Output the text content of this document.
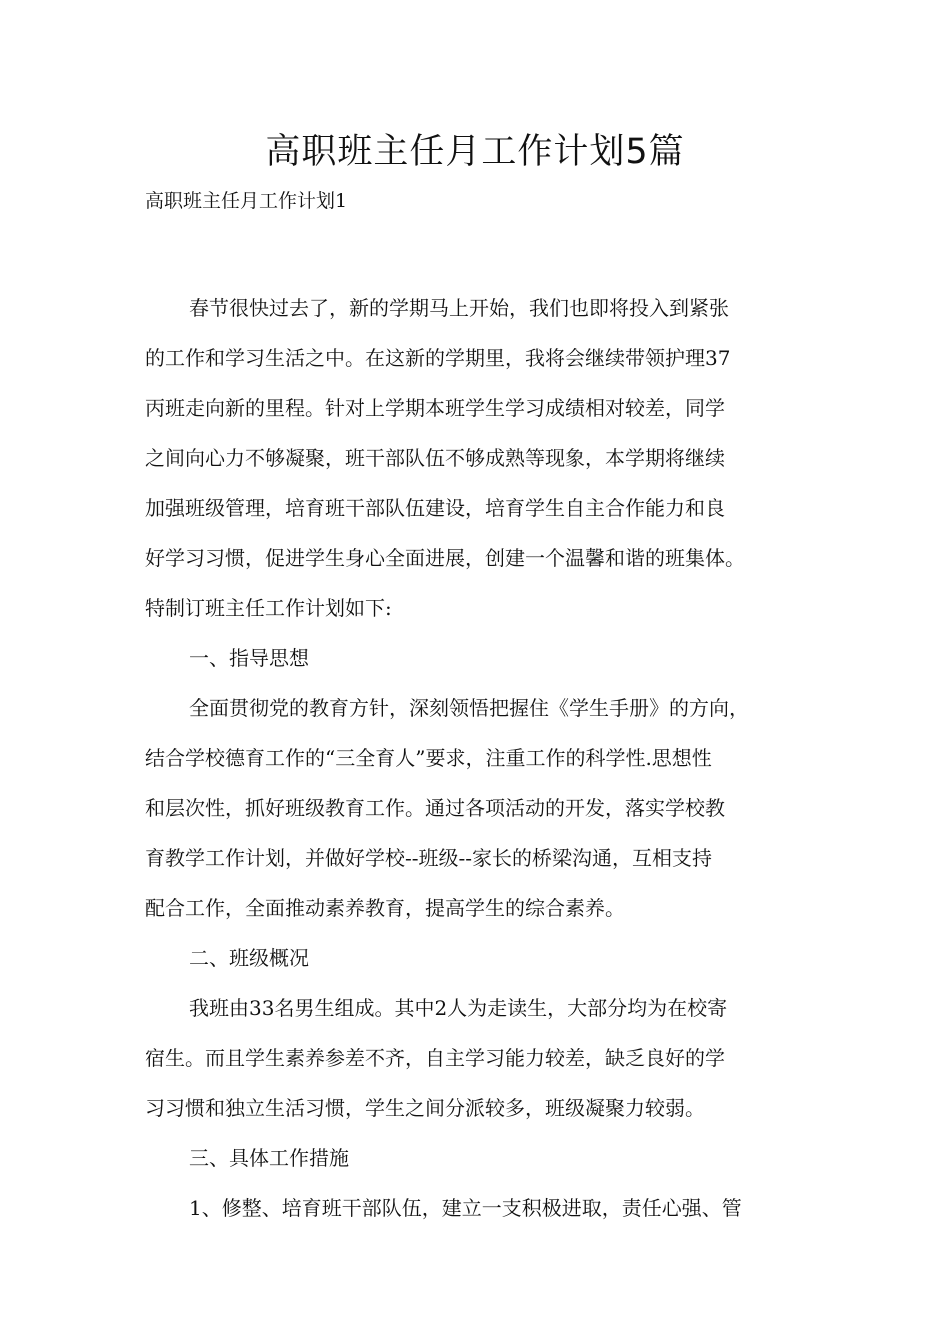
高职班主任月工作计划5篇
高职班主任月工作计划1
春节很快过去了，新的学期马上开始，我们也即将投入到紧张
的工作和学习生活之中。在这新的学期里，我将会继续带领护理37
丙班走向新的里程。针对上学期本班学生学习成绩相对较差，同学
之间向心力不够凝聚，班干部队伍不够成熟等现象，本学期将继续
加强班级管理，培育班干部队伍建设，培育学生自主合作能力和良
好学习习惯，促进学生身心全面进展，创建一个温馨和谐的班集体。
特制订班主任工作计划如下:
一、指导思想
全面贯彻党的教育方针，深刻领悟把握住《学生手册》的方向，
结合学校德育工作的“三全育人”要求，注重工作的科学性.思想性
和层次性，抓好班级教育工作。通过各项活动的开发，落实学校教
育教学工作计划，并做好学校--班级--家长的桥梁沟通，互相支持
配合工作，全面推动素养教育，提高学生的综合素养。
二、班级概况
我班由33名男生组成。其中2人为走读生，大部分均为在校寄
宿生。而且学生素养参差不齐，自主学习能力较差，缺乏良好的学
习习惯和独立生活习惯，学生之间分派较多，班级凝聚力较弱。
三、具体工作措施
1、修整、培育班干部队伍，建立一支积极进取，责任心强、管
